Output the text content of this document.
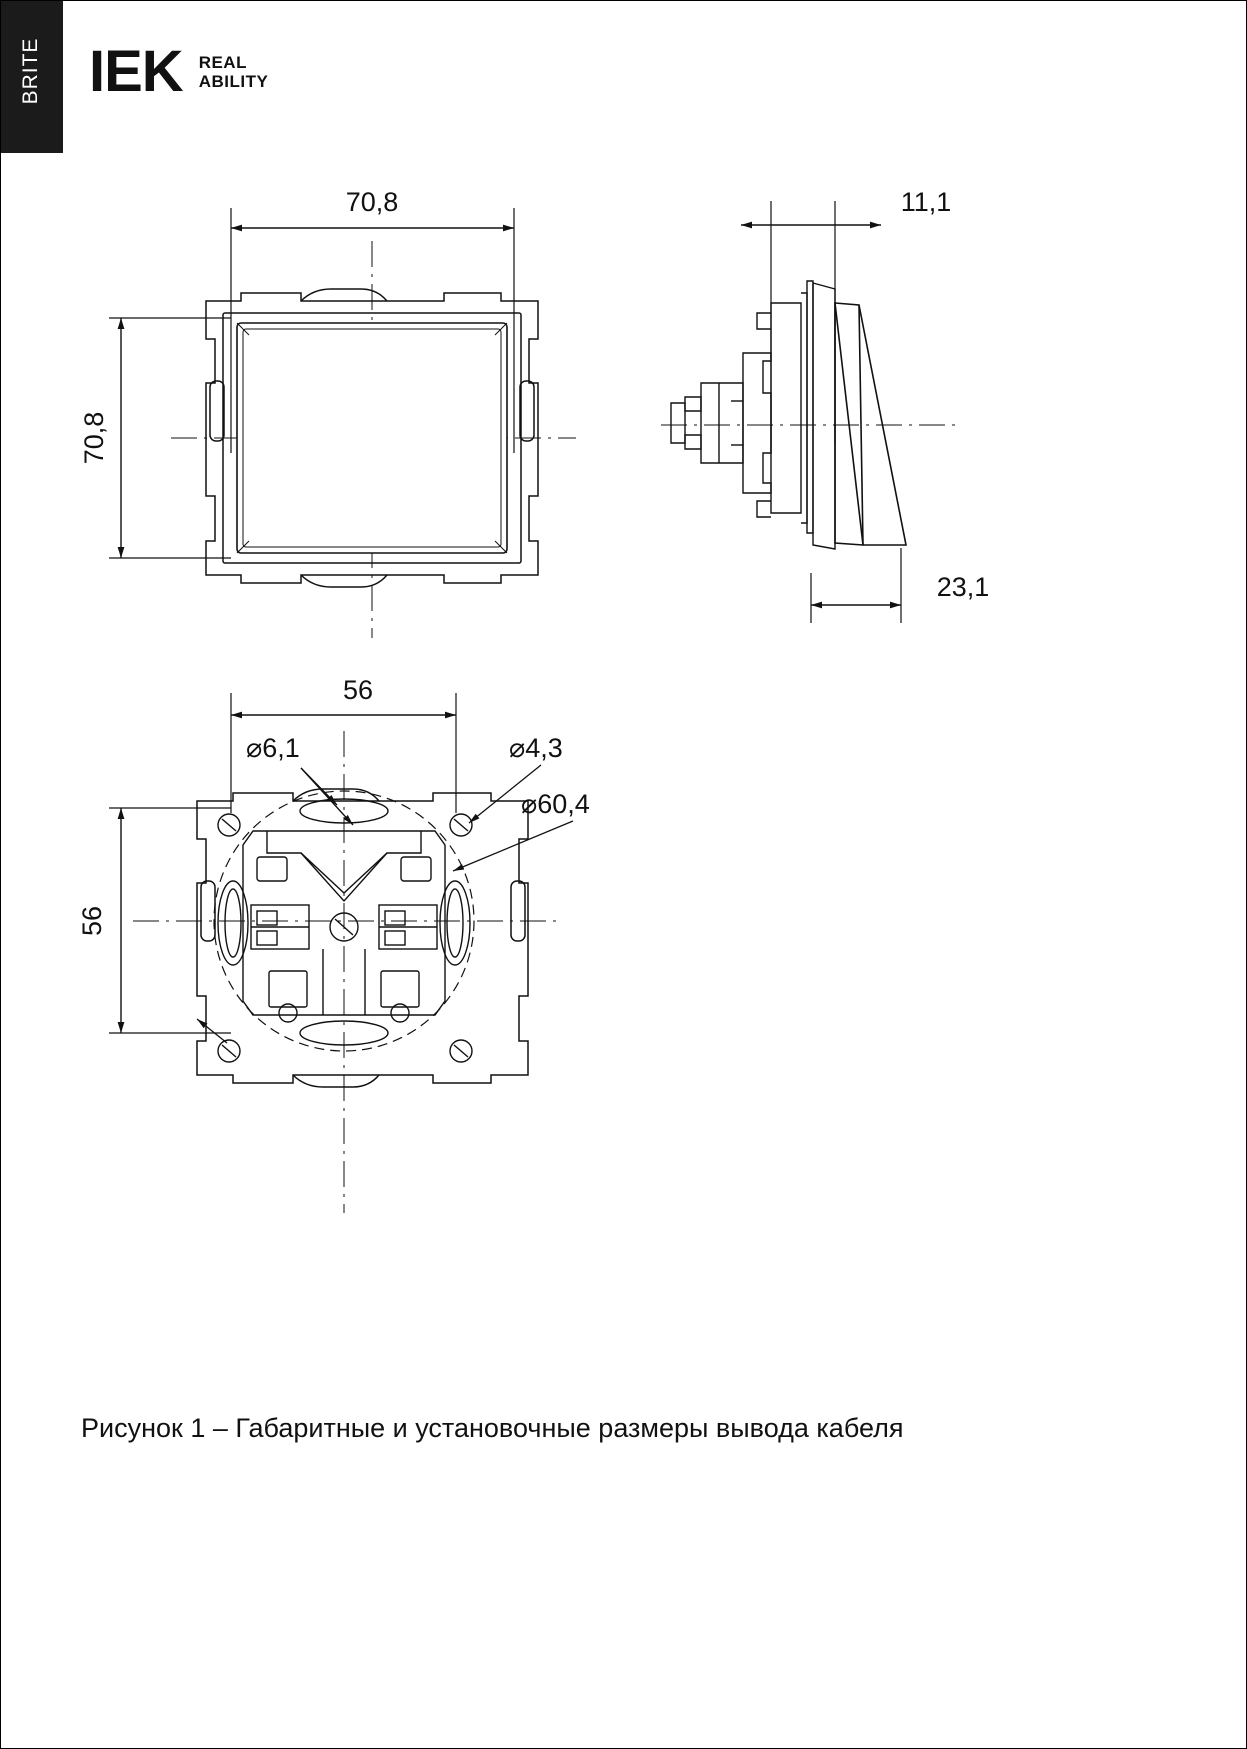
BRITE IEK REAL
ABILITY
70,8
70,8
11,1
23,1
56
56
⌀6,1	⌀4,3
⌀60,4
Рисунок 1 – Габаритные и установочные размеры вывода кабеля
